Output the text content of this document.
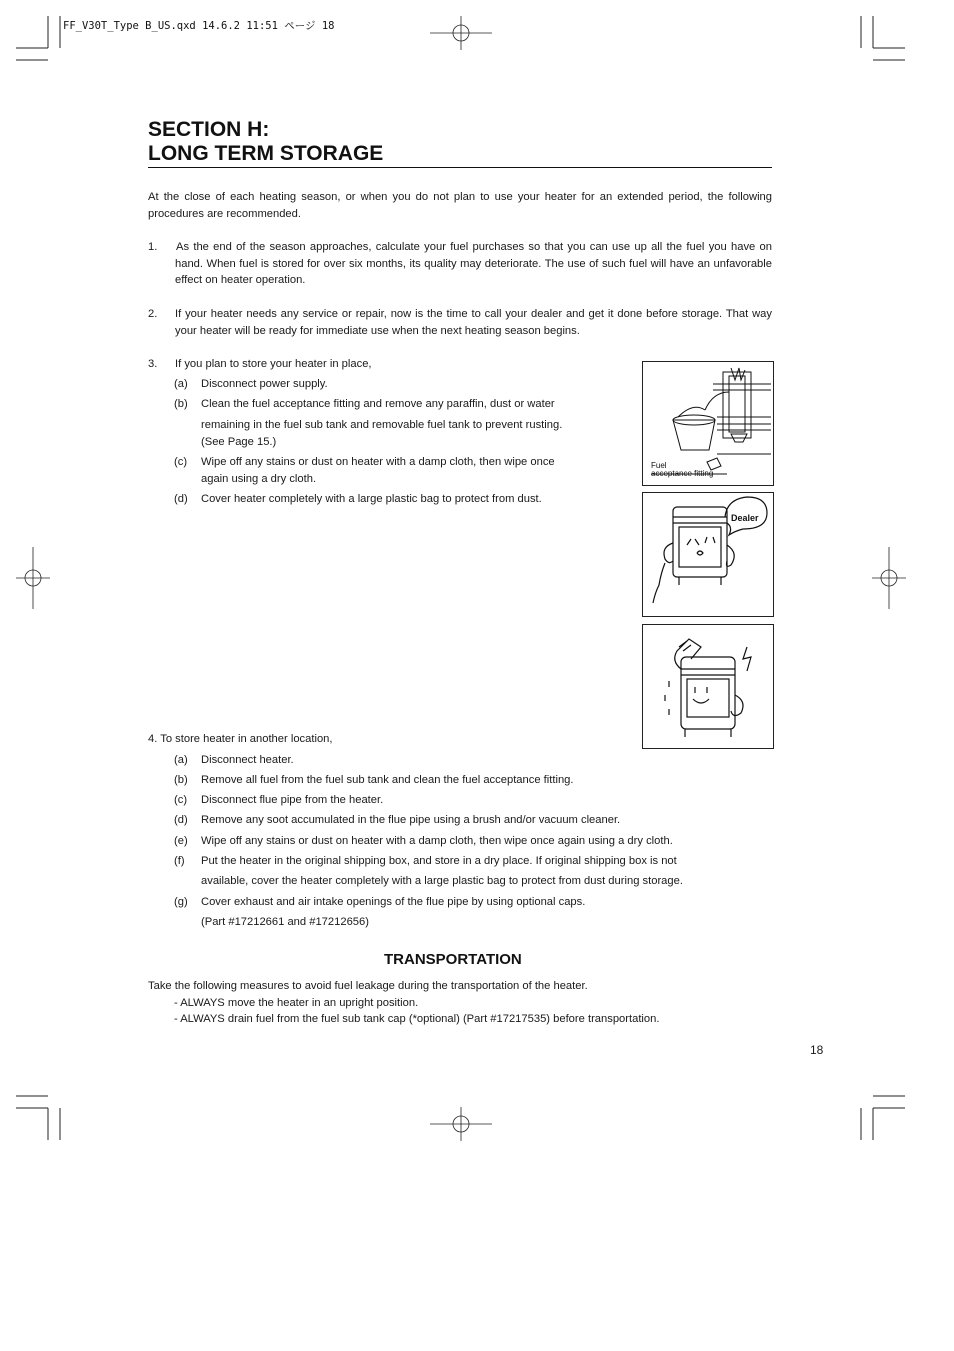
FF_V30T_Type B_US.qxd 14.6.2 11:51 ページ 18
SECTION H:
LONG TERM STORAGE
At the close of each heating season, or when you do not plan to use your heater for an extended period, the following procedures are recommended.
1. As the end of the season approaches, calculate your fuel purchases so that you can use up all the fuel you have on hand. When fuel is stored for over six months, its quality may deteriorate. The use of such fuel will have an unfavorable effect on heater operation.
2. If your heater needs any service or repair, now is the time to call your dealer and get it done before storage. That way your heater will be ready for immediate use when the next heating season begins.
3. If you plan to store your heater in place,
(a) Disconnect power supply.
(b) Clean the fuel acceptance fitting and remove any paraffin, dust or water
remaining in the fuel sub tank and removable fuel tank to prevent rusting.
(See Page 15.)
(c) Wipe off any stains or dust on heater with a damp cloth, then wipe once
again using a dry cloth.
(d) Cover heater completely with a large plastic bag to protect from dust.
Fuel
acceptance fitting
Dealer
4. To store heater in another location,
(a) Disconnect heater.
(b) Remove all fuel from the fuel sub tank and clean the fuel acceptance fitting.
(c) Disconnect flue pipe from the heater.
(d) Remove any soot accumulated in the flue pipe using a brush and/or vacuum cleaner.
(e) Wipe off any stains or dust on heater with a damp cloth, then wipe once again using a dry cloth.
(f) Put the heater in the original shipping box, and store in a dry place. If original shipping box is not
available, cover the heater completely with a large plastic bag to protect from dust during storage.
(g) Cover exhaust and air intake openings of the flue pipe by using optional caps.
(Part #17212661 and #17212656)
TRANSPORTATION
Take the following measures to avoid fuel leakage during the transportation of the heater.
- ALWAYS move the heater in an upright position.
- ALWAYS drain fuel from the fuel sub tank cap (*optional) (Part #17217535) before transportation.
18
